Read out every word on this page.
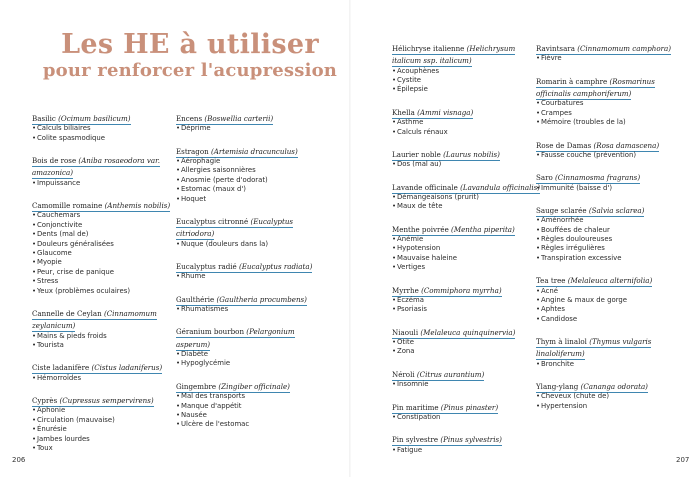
Les HE à utiliser
pour renforcer l'acupression
Basilic (Ocimum basilicum)
• Calculs biliaires
• Colite spasmodique
Bois de rose (Aniba rosaeodora var. amazonica)
• Impuissance
Camomille romaine (Anthemis nobilis)
• Cauchemars
• Conjonctivite
• Dents (mal de)
• Douleurs généralisées
• Glaucome
• Myopie
• Peur, crise de panique
• Stress
• Yeux (problèmes oculaires)
Cannelle de Ceylan (Cinnamomum zeylanicum)
• Mains & pieds froids
• Tourista
Ciste ladanifère (Cistus ladaniferus)
• Hémorroïdes
Cyprès (Cupressus sempervirens)
• Aphonie
• Circulation (mauvaise)
• Énurésie
• Jambes lourdes
• Toux
Encens (Boswellia carterii)
• Déprime
Estragon (Artemisia dracunculus)
• Aérophagie
• Allergies saisonnières
• Anosmie (perte d'odorat)
• Estomac (maux d')
• Hoquet
Eucalyptus citronné (Eucalyptus citriodora)
• Nuque (douleurs dans la)
Eucalyptus radié (Eucalyptus radiata)
• Rhume
Gaulthérie (Gaultheria procumbens)
• Rhumatismes
Géranium bourbon (Pelargonium asperum)
• Diabète
• Hypoglycémie
Gingembre (Zingiber officinale)
• Mal des transports
• Manque d'appétit
• Nausée
• Ulcère de l'estomac
Hélichryse italienne (Helichrysum italicum ssp. italicum)
• Acouphènes
• Cystite
• Épilepsie
Khella (Ammi visnaga)
• Asthme
• Calculs rénaux
Laurier noble (Laurus nobilis)
• Dos (mal au)
Lavande officinale (Lavandula officinalis)
• Démangeaisons (prurit)
• Maux de tête
Menthe poivrée (Mentha piperita)
• Anémie
• Hypotension
• Mauvaise haleine
• Vertiges
Myrrhe (Commiphora myrrha)
• Eczéma
• Psoriasis
Niaouli (Melaleuca quinquinervia)
• Otite
• Zona
Néroli (Citrus aurantium)
• Insomnie
Pin maritime (Pinus pinaster)
• Constipation
Pin sylvestre (Pinus sylvestris)
• Fatigue
Ravintsara (Cinnamomum camphora)
• Fièvre
Romarin à camphre (Rosmarinus officinalis camphoriferum)
• Courbatures
• Crampes
• Mémoire (troubles de la)
Rose de Damas (Rosa damascena)
• Fausse couche (prévention)
Saro (Cinnamosma fragrans)
• Immunité (baisse d')
Sauge sclarée (Salvia sclarea)
• Aménorrhée
• Bouffées de chaleur
• Règles douloureuses
• Règles irrégulières
• Transpiration excessive
Tea tree (Melaleuca alternifolia)
• Acné
• Angine & maux de gorge
• Aphtes
• Candidose
Thym à linalol (Thymus vulgaris linaloliferum)
• Bronchite
Ylang-ylang (Cananga odorata)
• Cheveux (chute de)
• Hypertension
206	207
